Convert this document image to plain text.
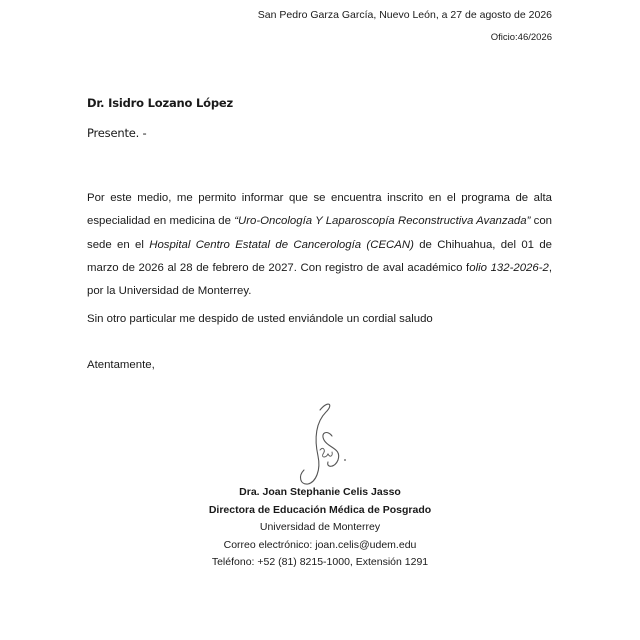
San Pedro Garza García, Nuevo León, a 27 de agosto de 2026
Oficio:46/2026
Dr. Isidro Lozano López
Presente. -
Por este medio, me permito informar que se encuentra inscrito en el programa de alta especialidad en medicina de “Uro-Oncología Y Laparoscopía Reconstructiva Avanzada” con sede en el Hospital Centro Estatal de Cancerología (CECAN) de Chihuahua, del 01 de marzo de 2026 al 28 de febrero de 2027. Con registro de aval académico folio 132-2026-2, por la Universidad de Monterrey.
Sin otro particular me despido de usted enviándole un cordial saludo
Atentamente,
Dra. Joan Stephanie Celis Jasso
Directora de Educación Médica de Posgrado
Universidad de Monterrey
Correo electrónico: joan.celis@udem.edu
Teléfono: +52 (81) 8215-1000, Extensión 1291
